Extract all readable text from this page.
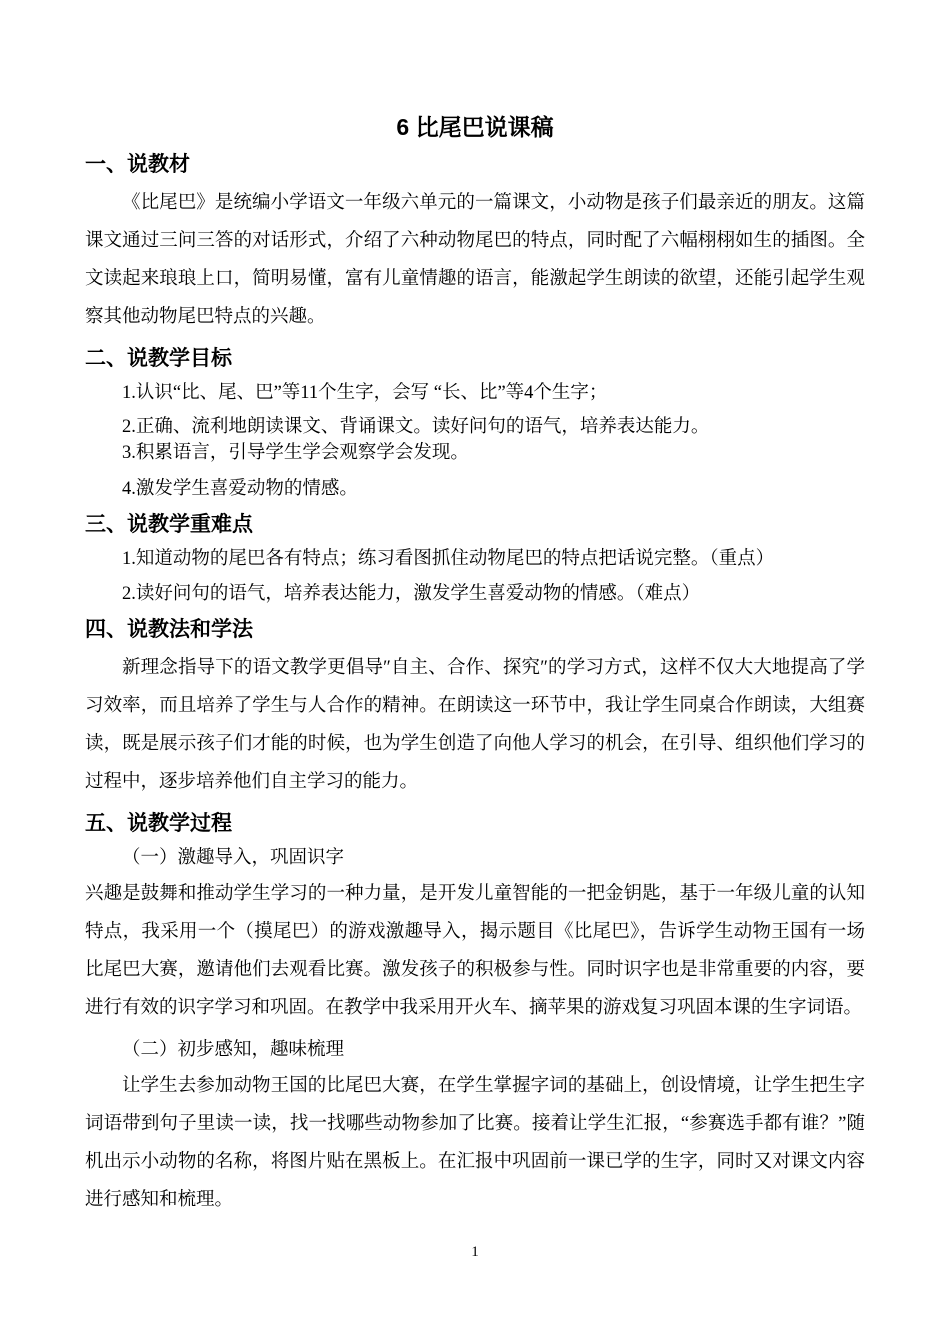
6 比尾巴说课稿
一、说教材

《比尾巴》是统编小学语文一年级六单元的一篇课文，小动物是孩子们最亲近的朋友。这篇课文通过三问三答的对话形式，介绍了六种动物尾巴的特点，同时配了六幅栩栩如生的插图。全文读起来琅琅上口，简明易懂，富有儿童情趣的语言，能激起学生朗读的欲望，还能引起学生观察其他动物尾巴特点的兴趣。

二、说教学目标

1.认识“比、尾、巴”等11个生字，会写 “长、比”等4个生字；

2.正确、流利地朗读课文、背诵课文。读好问句的语气，培养表达能力。

3.积累语言，引导学生学会观察学会发现。

4.激发学生喜爱动物的情感。

三、说教学重难点

1.知道动物的尾巴各有特点；练习看图抓住动物尾巴的特点把话说完整。（重点）

2.读好问句的语气，培养表达能力，激发学生喜爱动物的情感。（难点）

四、说教法和学法

新理念指导下的语文教学更倡导″自主、合作、探究″的学习方式，这样不仅大大地提高了学习效率，而且培养了学生与人合作的精神。在朗读这一环节中，我让学生同桌合作朗读，大组赛读，既是展示孩子们才能的时候，也为学生创造了向他人学习的机会，在引导、组织他们学习的过程中，逐步培养他们自主学习的能力。

五、说教学过程

（一）激趣导入，巩固识字

兴趣是鼓舞和推动学生学习的一种力量，是开发儿童智能的一把金钥匙，基于一年级儿童的认知特点，我采用一个（摸尾巴）的游戏激趣导入，揭示题目《比尾巴》，告诉学生动物王国有一场比尾巴大赛，邀请他们去观看比赛。激发孩子的积极参与性。同时识字也是非常重要的内容，要进行有效的识字学习和巩固。在教学中我采用开火车、摘苹果的游戏复习巩固本课的生字词语。

（二）初步感知，趣味梳理

让学生去参加动物王国的比尾巴大赛，在学生掌握字词的基础上，创设情境，让学生把生字词语带到句子里读一读，找一找哪些动物参加了比赛。接着让学生汇报，“参赛选手都有谁？”随机出示小动物的名称，将图片贴在黑板上。在汇报中巩固前一课已学的生字，同时又对课文内容进行感知和梳理。

1
